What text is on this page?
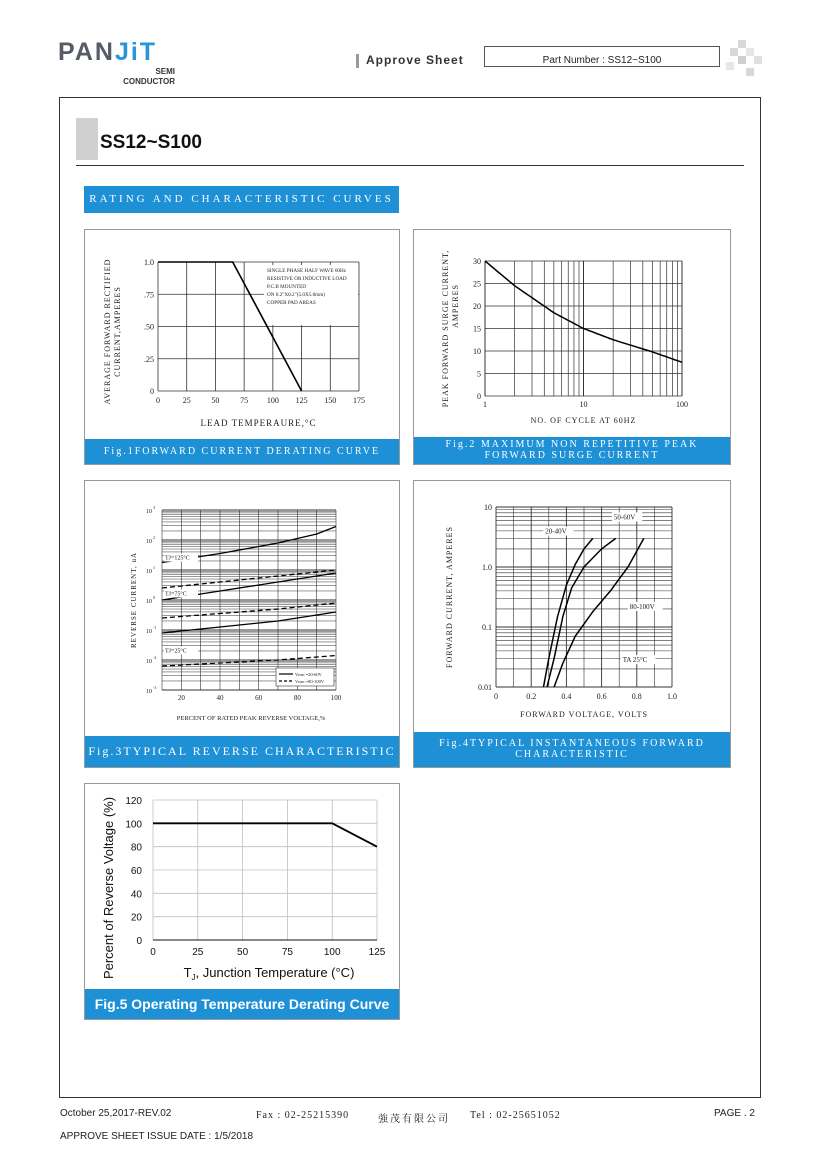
PANJiT
SEMI
CONDUCTOR
Approve Sheet	Part Number : SS12~S100
SS12~S100
RATING AND CHARACTERISTIC CURVES
0	25	50	75 100 125 150 175
0
.25
.50
.75
1.0
SINGLE PHASE HALF WAVE 60Hz
RESISTIVE OR INDUCTIVE LOAD
P.C.B MOUNTED
ON 0.2"X0.2"(5.0X5.0mm)
COPPER PAD AREAS
LEAD TEMPERAURE,°C
AVERAGE FORWARD RECTIFIED CURRENT,AMPERES
Fig.1FORWARD CURRENT DERATING CURVE
1	10	100
0
5
10
15
20
25
30
NO. OF CYCLE AT 60HZ
PEAK FORWARD SURGE CURRENT, AMPERES
Fig.2 MAXIMUM NON REPETITIVE PEAK
FORWARD SURGE CURRENT
20	40	60	80	100
10
3
10
2
10
1
10
0
10
-1
10
-2
10
-3
TJ=125°C
TJ=75°C
TJ=25°C
Vrrm =20-60V
Vrrm =80-100V
PERCENT OF RATED PEAK REVERSE VOLTAGE,%
REVERSE CURRENT, uA
Fig.3TYPICAL REVERSE CHARACTERISTIC
0	0.2	0.4	0.6	0.8	1.0
0.01
0.1
1.0
10
20-40V
50-60V
80-100V
TA 25°C
FORWARD VOLTAGE, VOLTS
FORWARD CURRENT, AMPERES
Fig.4TYPICAL INSTANTANEOUS FORWARD
CHARACTERISTIC
0	25	50	75	100	125
0
20
40
60
80
100
120
$T_J$, Junction Temperature (°C)
Percent of Reverse Voltage (%)
Fig.5 Operating Temperature Derating Curve
October 25,2017-REV.02	Fax : 02-25215390	強茂有限公司 Tel : 02-25651052	PAGE . 2
APPROVE SHEET ISSUE DATE : 1/5/2018
